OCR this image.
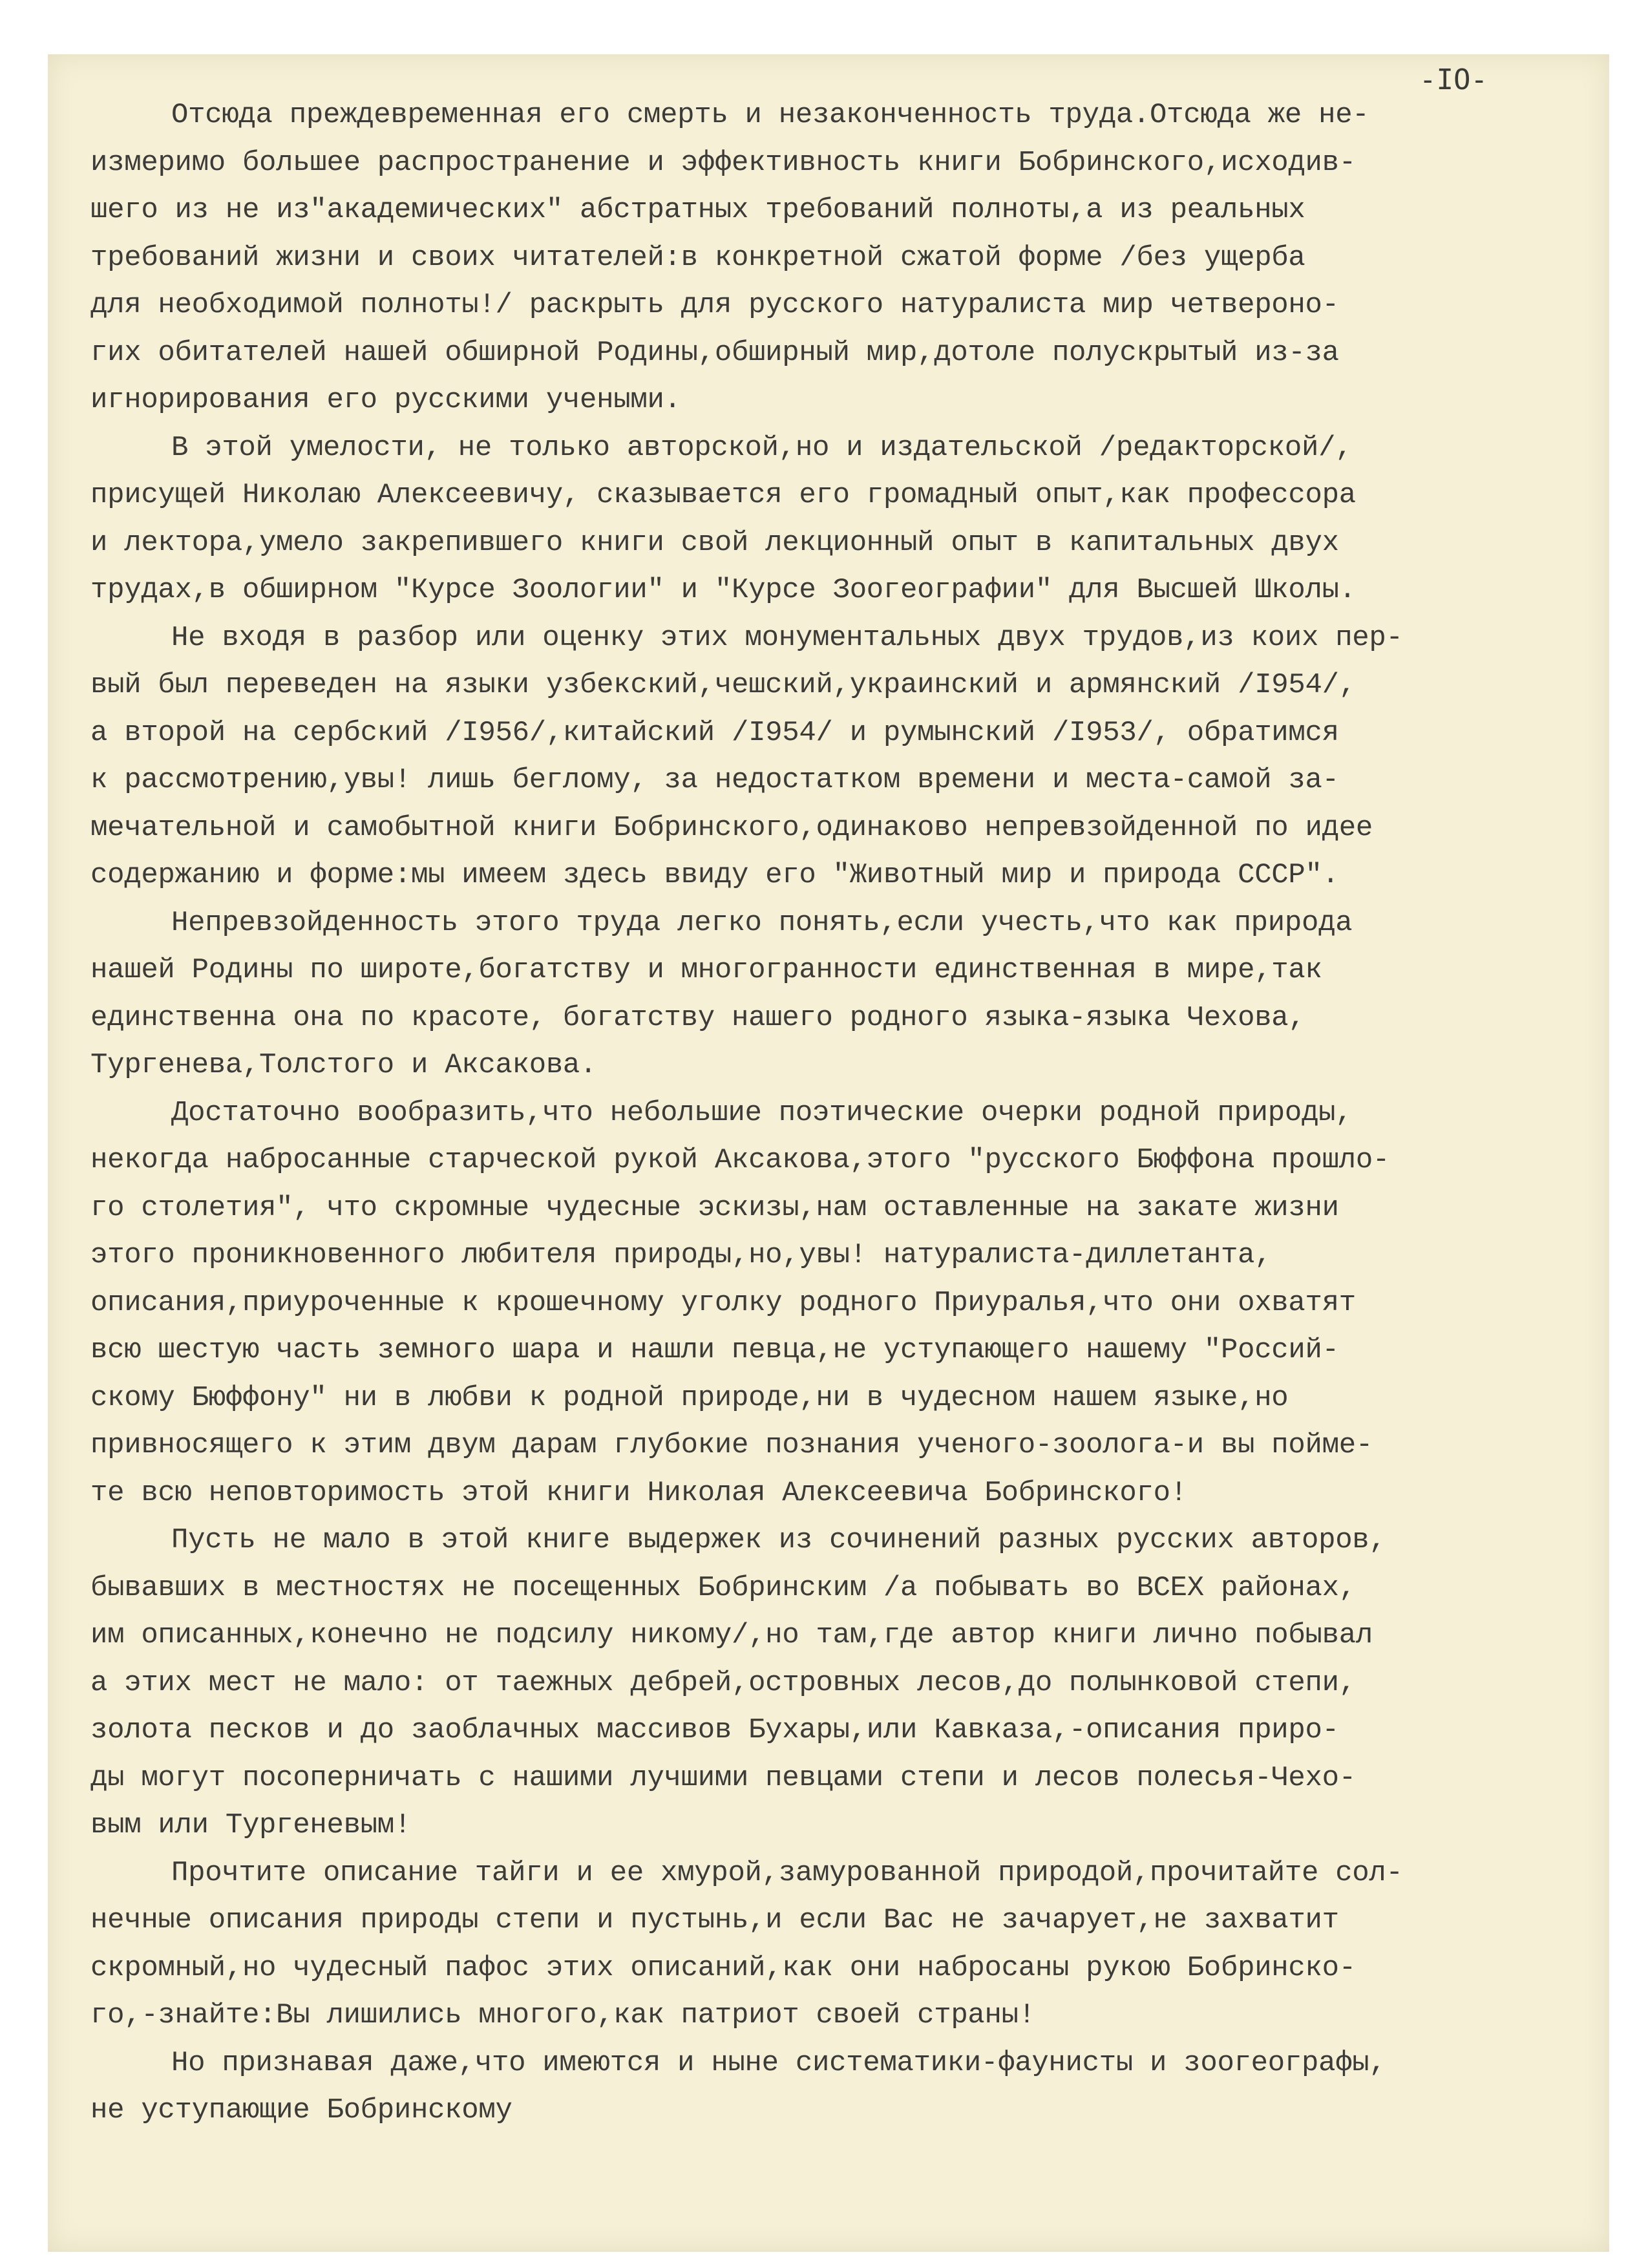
-IO-

Отсюда преждевременная его смерть и незаконченность труда.Отсюда же не-

измеримо большее распространение и эффективность книги Бобринского,исходив-

шего из не из"академических" абстратных требований полноты,а из реальных

требований жизни и своих читателей:в конкретной сжатой форме /без ущерба

для необходимой полноты!/ раскрыть для русского натуралиста мир четвероно-

гих обитателей нашей обширной Родины,обширный мир,дотоле полускрытый из-за

игнорирования его русскими учеными.

В этой умелости, не только авторской,но и издательской /редакторской/,

присущей Николаю Алексеевичу, сказывается его громадный опыт,как профессора

и лектора,умело закрепившего книги свой лекционный опыт в капитальных двух

трудах,в обширном "Курсе Зоологии" и "Курсе Зоогеографии" для Высшей Школы.

Не входя в разбор или оценку этих монументальных двух трудов,из коих пер-

вый был переведен на языки узбекский,чешский,украинский и армянский /I954/,

а второй на сербский /I956/,китайский /I954/ и румынский /I953/, обратимся

к рассмотрению,увы! лишь беглому, за недостатком времени и места-самой за-

мечательной и самобытной книги Бобринского,одинаково непревзойденной по идее

содержанию и форме:мы имеем здесь ввиду его "Животный мир и природа СССР".

Непревзойденность этого труда легко понять,если учесть,что как природа

нашей Родины по широте,богатству и многогранности единственная в мире,так

единственна она по красоте, богатству нашего родного языка-языка Чехова,

Тургенева,Толстого и Аксакова.

Достаточно вообразить,что небольшие поэтические очерки родной природы,

некогда набросанные старческой рукой Аксакова,этого "русского Бюффона прошло-

го столетия", что скромные чудесные эскизы,нам оставленные на закате жизни

этого проникновенного любителя природы,но,увы! натуралиста-диллетанта,

описания,приуроченные к крошечному уголку родного Приуралья,что они охватят

всю шестую часть земного шара и нашли певца,не уступающего нашему "Россий-

скому Бюффону" ни в любви к родной природе,ни в чудесном нашем языке,но

привносящего к этим двум дарам глубокие познания ученого-зоолога-и вы пойме-

те всю неповторимость этой книги Николая Алексеевича Бобринского!

Пусть не мало в этой книге выдержек из сочинений разных русских авторов,

бывавших в местностях не посещенных Бобринским /а побывать во ВСЕХ районах,

им описанных,конечно не подсилу никому/,но там,где автор книги лично побывал

а этих мест не мало: от таежных дебрей,островных лесов,до полынковой степи,

золота песков и до заоблачных массивов Бухары,или Кавказа,-описания приро-

ды могут посоперничать с нашими лучшими певцами степи и лесов полесья-Чехо-

вым или Тургеневым!

Прочтите описание тайги и ее хмурой,замурованной природой,прочитайте сол-

нечные описания природы степи и пустынь,и если Вас не зачарует,не захватит

скромный,но чудесный пафос этих описаний,как они набросаны рукою Бобринско-

го,-знайте:Вы лишились многого,как патриот своей страны!

Но признавая даже,что имеются и ныне систематики-фаунисты и зоогеографы,

не уступающие Бобринскому
